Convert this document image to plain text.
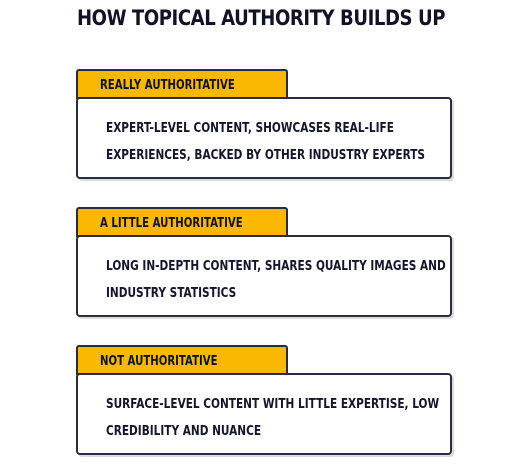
HOW TOPICAL AUTHORITY BUILDS UP
REALLY AUTHORITATIVE
EXPERT-LEVEL CONTENT, SHOWCASES REAL-LIFE
EXPERIENCES, BACKED BY OTHER INDUSTRY EXPERTS
A LITTLE AUTHORITATIVE
LONG IN-DEPTH CONTENT, SHARES QUALITY IMAGES AND
INDUSTRY STATISTICS
NOT AUTHORITATIVE
SURFACE-LEVEL CONTENT WITH LITTLE EXPERTISE, LOW
CREDIBILITY AND NUANCE
